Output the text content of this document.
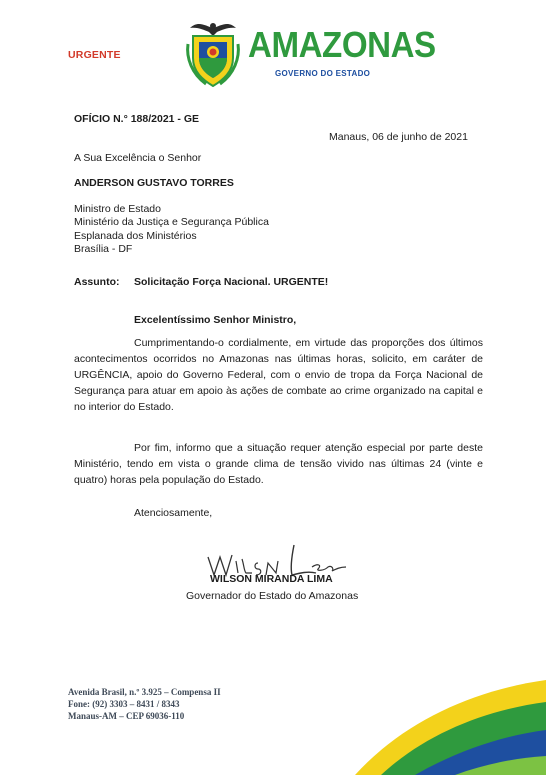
URGENTE	AMAZONAS
GOVERNO DO ESTADO
OFÍCIO N.° 188/2021 - GE
Manaus, 06 de junho de 2021
A Sua Excelência o Senhor
ANDERSON GUSTAVO TORRES
Ministro de Estado
Ministério da Justiça e Segurança Pública
Esplanada dos Ministérios
Brasília - DF
Assunto: Solicitação Força Nacional. URGENTE!
Excelentíssimo Senhor Ministro,
Cumprimentando-o cordialmente, em virtude das proporções dos últimos acontecimentos ocorridos no Amazonas nas últimas horas, solicito, em caráter de URGÊNCIA, apoio do Governo Federal, com o envio de tropa da Força Nacional de Segurança para atuar em apoio às ações de combate ao crime organizado na capital e no interior do Estado.
Por fim, informo que a situação requer atenção especial por parte deste Ministério, tendo em vista o grande clima de tensão vivido nas últimas 24 (vinte e quatro) horas pela população do Estado.
Atenciosamente,
WILSON MIRANDA LIMA
Governador do Estado do Amazonas
Avenida Brasil, n.º 3.925 – Compensa II
Fone: (92) 3303 – 8431 / 8343
Manaus-AM – CEP 69036-110
